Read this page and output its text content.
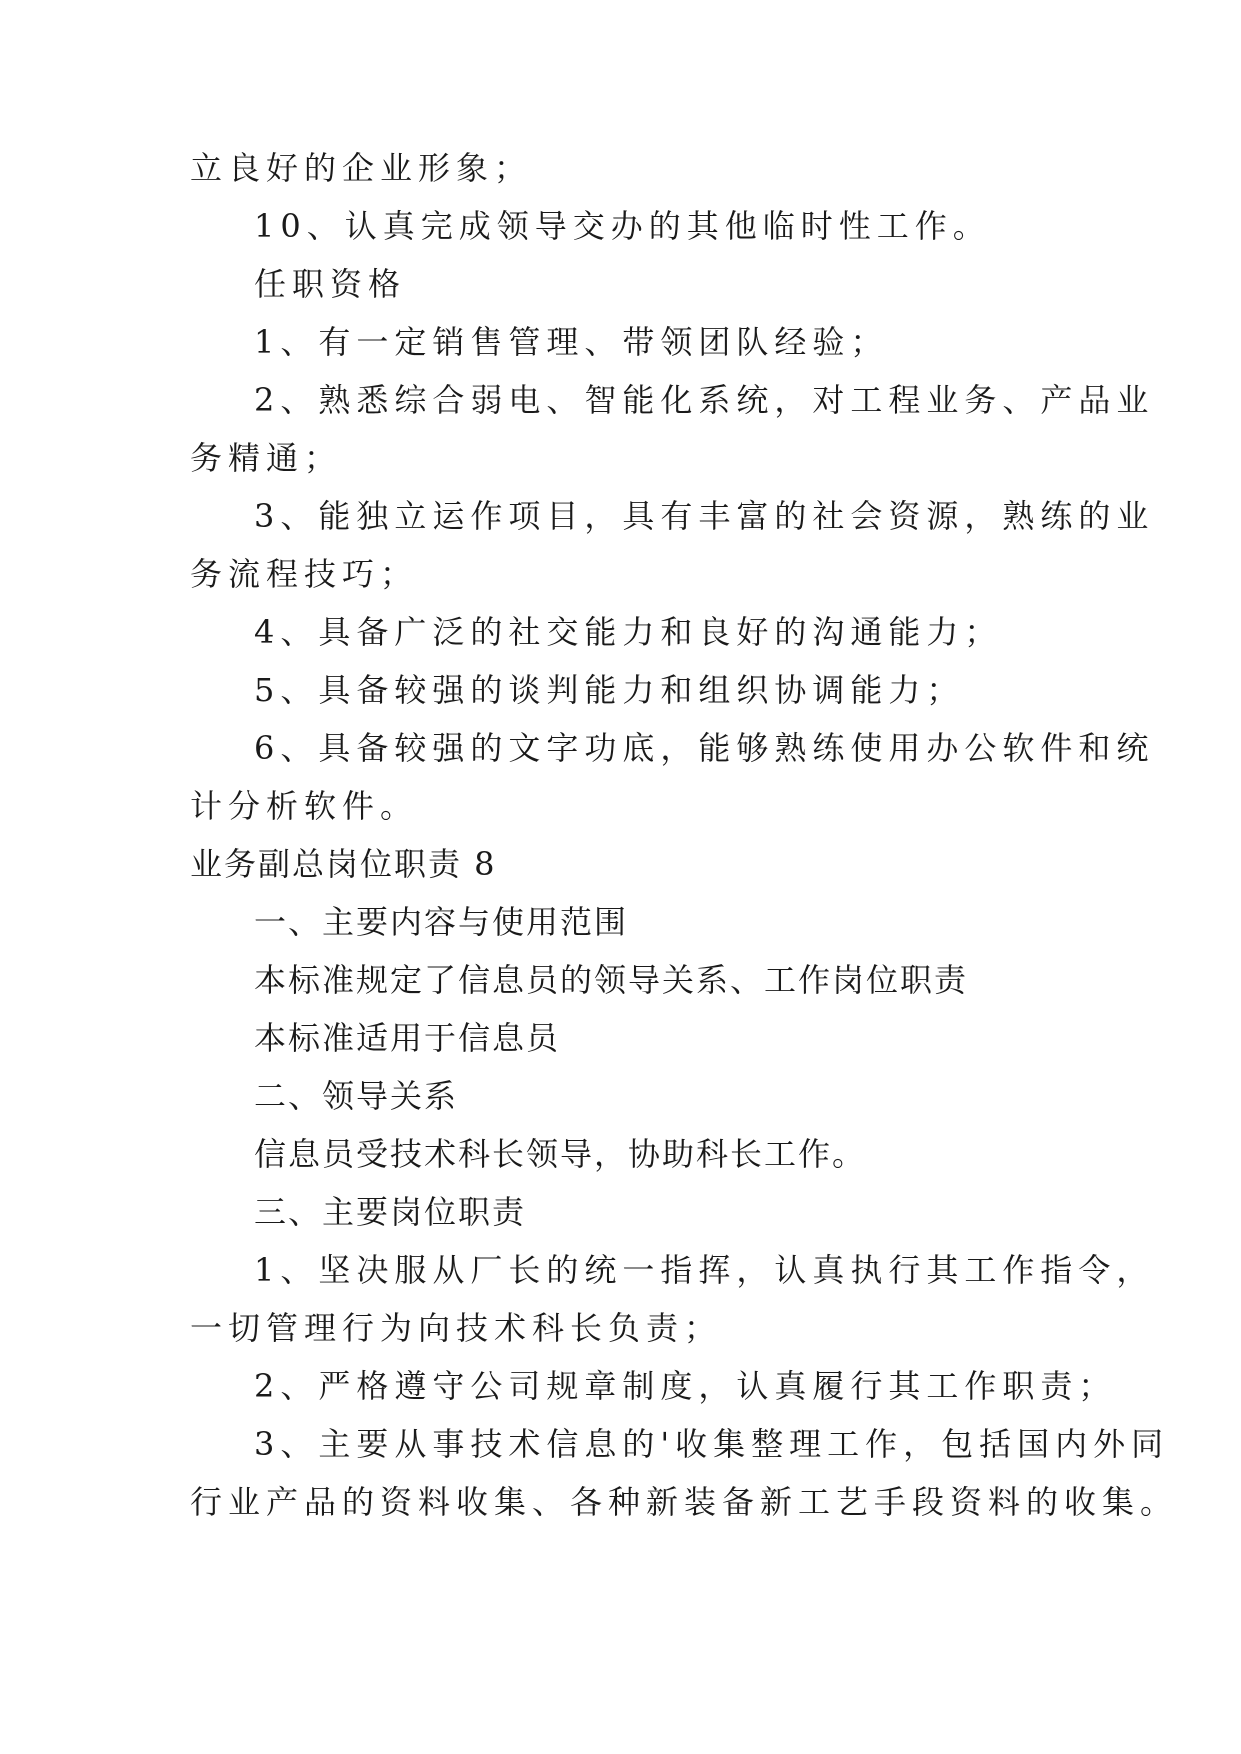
立良好的企业形象；
10、认真完成领导交办的其他临时性工作。
任职资格
1、有一定销售管理、带领团队经验；
2、熟悉综合弱电、智能化系统，对工程业务、产品业
务精通；
3、能独立运作项目，具有丰富的社会资源，熟练的业
务流程技巧；
4、具备广泛的社交能力和良好的沟通能力；
5、具备较强的谈判能力和组织协调能力；
6、具备较强的文字功底，能够熟练使用办公软件和统
计分析软件。
业务副总岗位职责 8
一、主要内容与使用范围
本标准规定了信息员的领导关系、工作岗位职责
本标准适用于信息员
二、领导关系
信息员受技术科长领导，协助科长工作。
三、主要岗位职责
1、坚决服从厂长的统一指挥，认真执行其工作指令，
一切管理行为向技术科长负责；
2、严格遵守公司规章制度，认真履行其工作职责；
3、主要从事技术信息的'收集整理工作，包括国内外同
行业产品的资料收集、各种新装备新工艺手段资料的收集。
